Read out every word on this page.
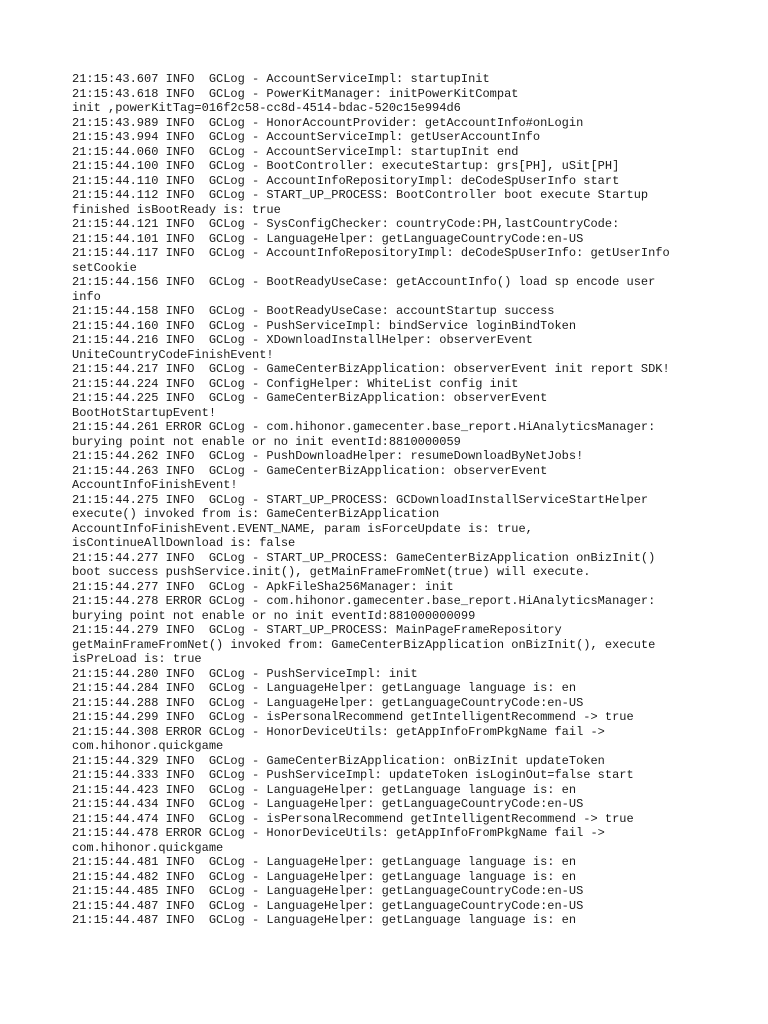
21:15:43.607 INFO  GCLog - AccountServiceImpl: startupInit
21:15:43.618 INFO  GCLog - PowerKitManager: initPowerKitCompat
init ,powerKitTag=016f2c58-cc8d-4514-bdac-520c15e994d6
21:15:43.989 INFO  GCLog - HonorAccountProvider: getAccountInfo#onLogin
21:15:43.994 INFO  GCLog - AccountServiceImpl: getUserAccountInfo
21:15:44.060 INFO  GCLog - AccountServiceImpl: startupInit end
21:15:44.100 INFO  GCLog - BootController: executeStartup: grs[PH], uSit[PH]
21:15:44.110 INFO  GCLog - AccountInfoRepositoryImpl: deCodeSpUserInfo start
21:15:44.112 INFO  GCLog - START_UP_PROCESS: BootController boot execute Startup
finished isBootReady is: true
21:15:44.121 INFO  GCLog - SysConfigChecker: countryCode:PH,lastCountryCode:
21:15:44.101 INFO  GCLog - LanguageHelper: getLanguageCountryCode:en-US
21:15:44.117 INFO  GCLog - AccountInfoRepositoryImpl: deCodeSpUserInfo: getUserInfo
setCookie
21:15:44.156 INFO  GCLog - BootReadyUseCase: getAccountInfo() load sp encode user
info
21:15:44.158 INFO  GCLog - BootReadyUseCase: accountStartup success
21:15:44.160 INFO  GCLog - PushServiceImpl: bindService loginBindToken
21:15:44.216 INFO  GCLog - XDownloadInstallHelper: observerEvent
UniteCountryCodeFinishEvent!
21:15:44.217 INFO  GCLog - GameCenterBizApplication: observerEvent init report SDK!
21:15:44.224 INFO  GCLog - ConfigHelper: WhiteList config init
21:15:44.225 INFO  GCLog - GameCenterBizApplication: observerEvent
BootHotStartupEvent!
21:15:44.261 ERROR GCLog - com.hihonor.gamecenter.base_report.HiAnalyticsManager:
burying point not enable or no init eventId:8810000059
21:15:44.262 INFO  GCLog - PushDownloadHelper: resumeDownloadByNetJobs!
21:15:44.263 INFO  GCLog - GameCenterBizApplication: observerEvent
AccountInfoFinishEvent!
21:15:44.275 INFO  GCLog - START_UP_PROCESS: GCDownloadInstallServiceStartHelper
execute() invoked from is: GameCenterBizApplication
AccountInfoFinishEvent.EVENT_NAME, param isForceUpdate is: true,
isContinueAllDownload is: false
21:15:44.277 INFO  GCLog - START_UP_PROCESS: GameCenterBizApplication onBizInit()
boot success pushService.init(), getMainFrameFromNet(true) will execute.
21:15:44.277 INFO  GCLog - ApkFileSha256Manager: init
21:15:44.278 ERROR GCLog - com.hihonor.gamecenter.base_report.HiAnalyticsManager:
burying point not enable or no init eventId:881000000099
21:15:44.279 INFO  GCLog - START_UP_PROCESS: MainPageFrameRepository
getMainFrameFromNet() invoked from: GameCenterBizApplication onBizInit(), execute
isPreLoad is: true
21:15:44.280 INFO  GCLog - PushServiceImpl: init
21:15:44.284 INFO  GCLog - LanguageHelper: getLanguage language is: en
21:15:44.288 INFO  GCLog - LanguageHelper: getLanguageCountryCode:en-US
21:15:44.299 INFO  GCLog - isPersonalRecommend getIntelligentRecommend -> true
21:15:44.308 ERROR GCLog - HonorDeviceUtils: getAppInfoFromPkgName fail ->
com.hihonor.quickgame
21:15:44.329 INFO  GCLog - GameCenterBizApplication: onBizInit updateToken
21:15:44.333 INFO  GCLog - PushServiceImpl: updateToken isLoginOut=false start
21:15:44.423 INFO  GCLog - LanguageHelper: getLanguage language is: en
21:15:44.434 INFO  GCLog - LanguageHelper: getLanguageCountryCode:en-US
21:15:44.474 INFO  GCLog - isPersonalRecommend getIntelligentRecommend -> true
21:15:44.478 ERROR GCLog - HonorDeviceUtils: getAppInfoFromPkgName fail ->
com.hihonor.quickgame
21:15:44.481 INFO  GCLog - LanguageHelper: getLanguage language is: en
21:15:44.482 INFO  GCLog - LanguageHelper: getLanguage language is: en
21:15:44.485 INFO  GCLog - LanguageHelper: getLanguageCountryCode:en-US
21:15:44.487 INFO  GCLog - LanguageHelper: getLanguageCountryCode:en-US
21:15:44.487 INFO  GCLog - LanguageHelper: getLanguage language is: en
